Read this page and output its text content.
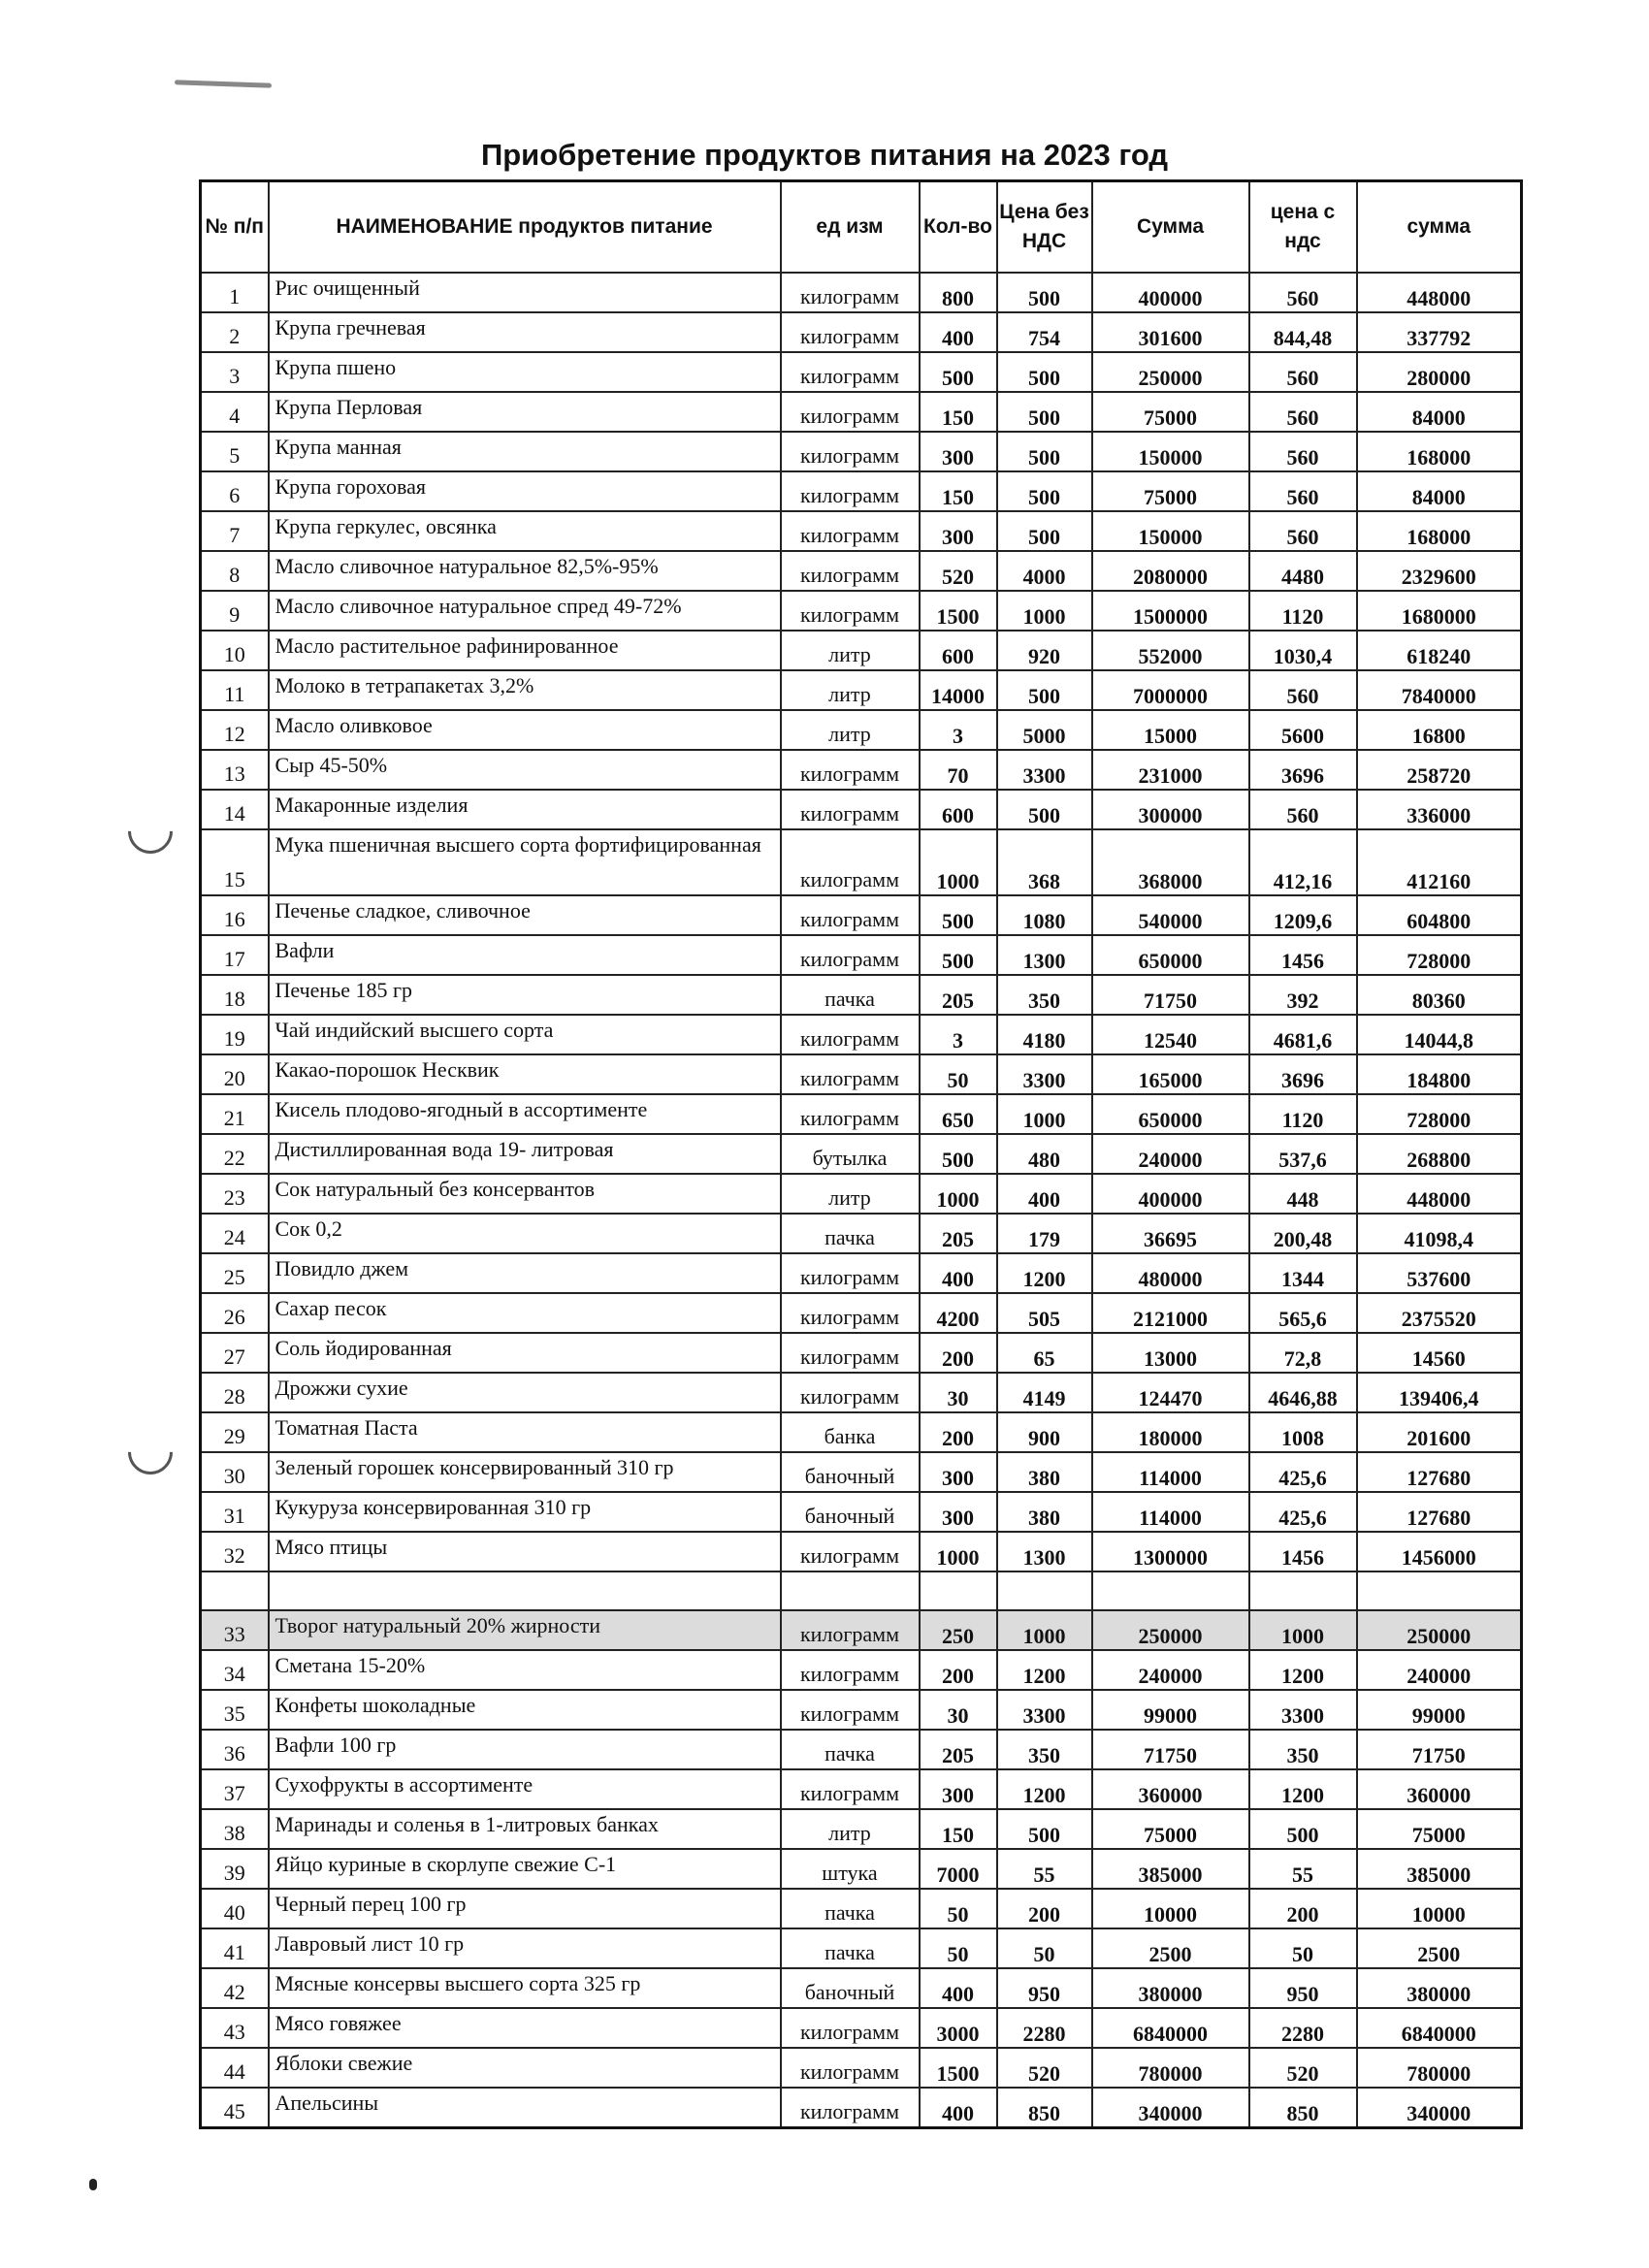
Приобретение продуктов питания на 2023 год
№ п/п	НАИМЕНОВАНИЕ продуктов питание	ед изм	Кол-во	Цена без НДС	Сумма	цена с ндс	сумма
1	Рис очищенный	килограмм	800	500	400000	560	448000
2	Крупа гречневая	килограмм	400	754	301600	844,48	337792
3	Крупа пшено	килограмм	500	500	250000	560	280000
4	Крупа Перловая	килограмм	150	500	75000	560	84000
5	Крупа манная	килограмм	300	500	150000	560	168000
6	Крупа гороховая	килограмм	150	500	75000	560	84000
7	Крупа геркулес, овсянка	килограмм	300	500	150000	560	168000
8	Масло сливочное натуральное 82,5%-95%	килограмм	520	4000	2080000	4480	2329600
9	Масло сливочное натуральное спред 49-72%	килограмм	1500	1000	1500000	1120	1680000
10	Масло растительное рафинированное	литр	600	920	552000	1030,4	618240
11	Молоко в тетрапакетах 3,2%	литр	14000	500	7000000	560	7840000
12	Масло оливковое	литр	3	5000	15000	5600	16800
13	Сыр 45-50%	килограмм	70	3300	231000	3696	258720
14	Макаронные изделия	килограмм	600	500	300000	560	336000
15	Мука пшеничная высшего сорта фортифицированная	килограмм	1000	368	368000	412,16	412160
16	Печенье сладкое, сливочное	килограмм	500	1080	540000	1209,6	604800
17	Вафли	килограмм	500	1300	650000	1456	728000
18	Печенье 185 гр	пачка	205	350	71750	392	80360
19	Чай индийский высшего сорта	килограмм	3	4180	12540	4681,6	14044,8
20	Какао-порошок Несквик	килограмм	50	3300	165000	3696	184800
21	Кисель плодово-ягодный в ассортименте	килограмм	650	1000	650000	1120	728000
22	Дистиллированная вода 19- литровая	бутылка	500	480	240000	537,6	268800
23	Сок натуральный без консервантов	литр	1000	400	400000	448	448000
24	Сок 0,2	пачка	205	179	36695	200,48	41098,4
25	Повидло джем	килограмм	400	1200	480000	1344	537600
26	Сахар песок	килограмм	4200	505	2121000	565,6	2375520
27	Соль йодированная	килограмм	200	65	13000	72,8	14560
28	Дрожжи сухие	килограмм	30	4149	124470	4646,88	139406,4
29	Томатная Паста	банка	200	900	180000	1008	201600
30	Зеленый горошек консервированный 310 гр	баночный	300	380	114000	425,6	127680
31	Кукуруза консервированная 310 гр	баночный	300	380	114000	425,6	127680
32	Мясо птицы	килограмм	1000	1300	1300000	1456	1456000

33	Творог натуральный 20% жирности	килограмм	250	1000	250000	1000	250000
34	Сметана 15-20%	килограмм	200	1200	240000	1200	240000
35	Конфеты шоколадные	килограмм	30	3300	99000	3300	99000
36	Вафли 100 гр	пачка	205	350	71750	350	71750
37	Сухофрукты в ассортименте	килограмм	300	1200	360000	1200	360000
38	Маринады и соленья в 1-литровых банках	литр	150	500	75000	500	75000
39	Яйцо куриные в скорлупе свежие С-1	штука	7000	55	385000	55	385000
40	Черный перец 100 гр	пачка	50	200	10000	200	10000
41	Лавровый лист 10 гр	пачка	50	50	2500	50	2500
42	Мясные консервы высшего сорта 325 гр	баночный	400	950	380000	950	380000
43	Мясо говяжее	килограмм	3000	2280	6840000	2280	6840000
44	Яблоки свежие	килограмм	1500	520	780000	520	780000
45	Апельсины	килограмм	400	850	340000	850	340000
